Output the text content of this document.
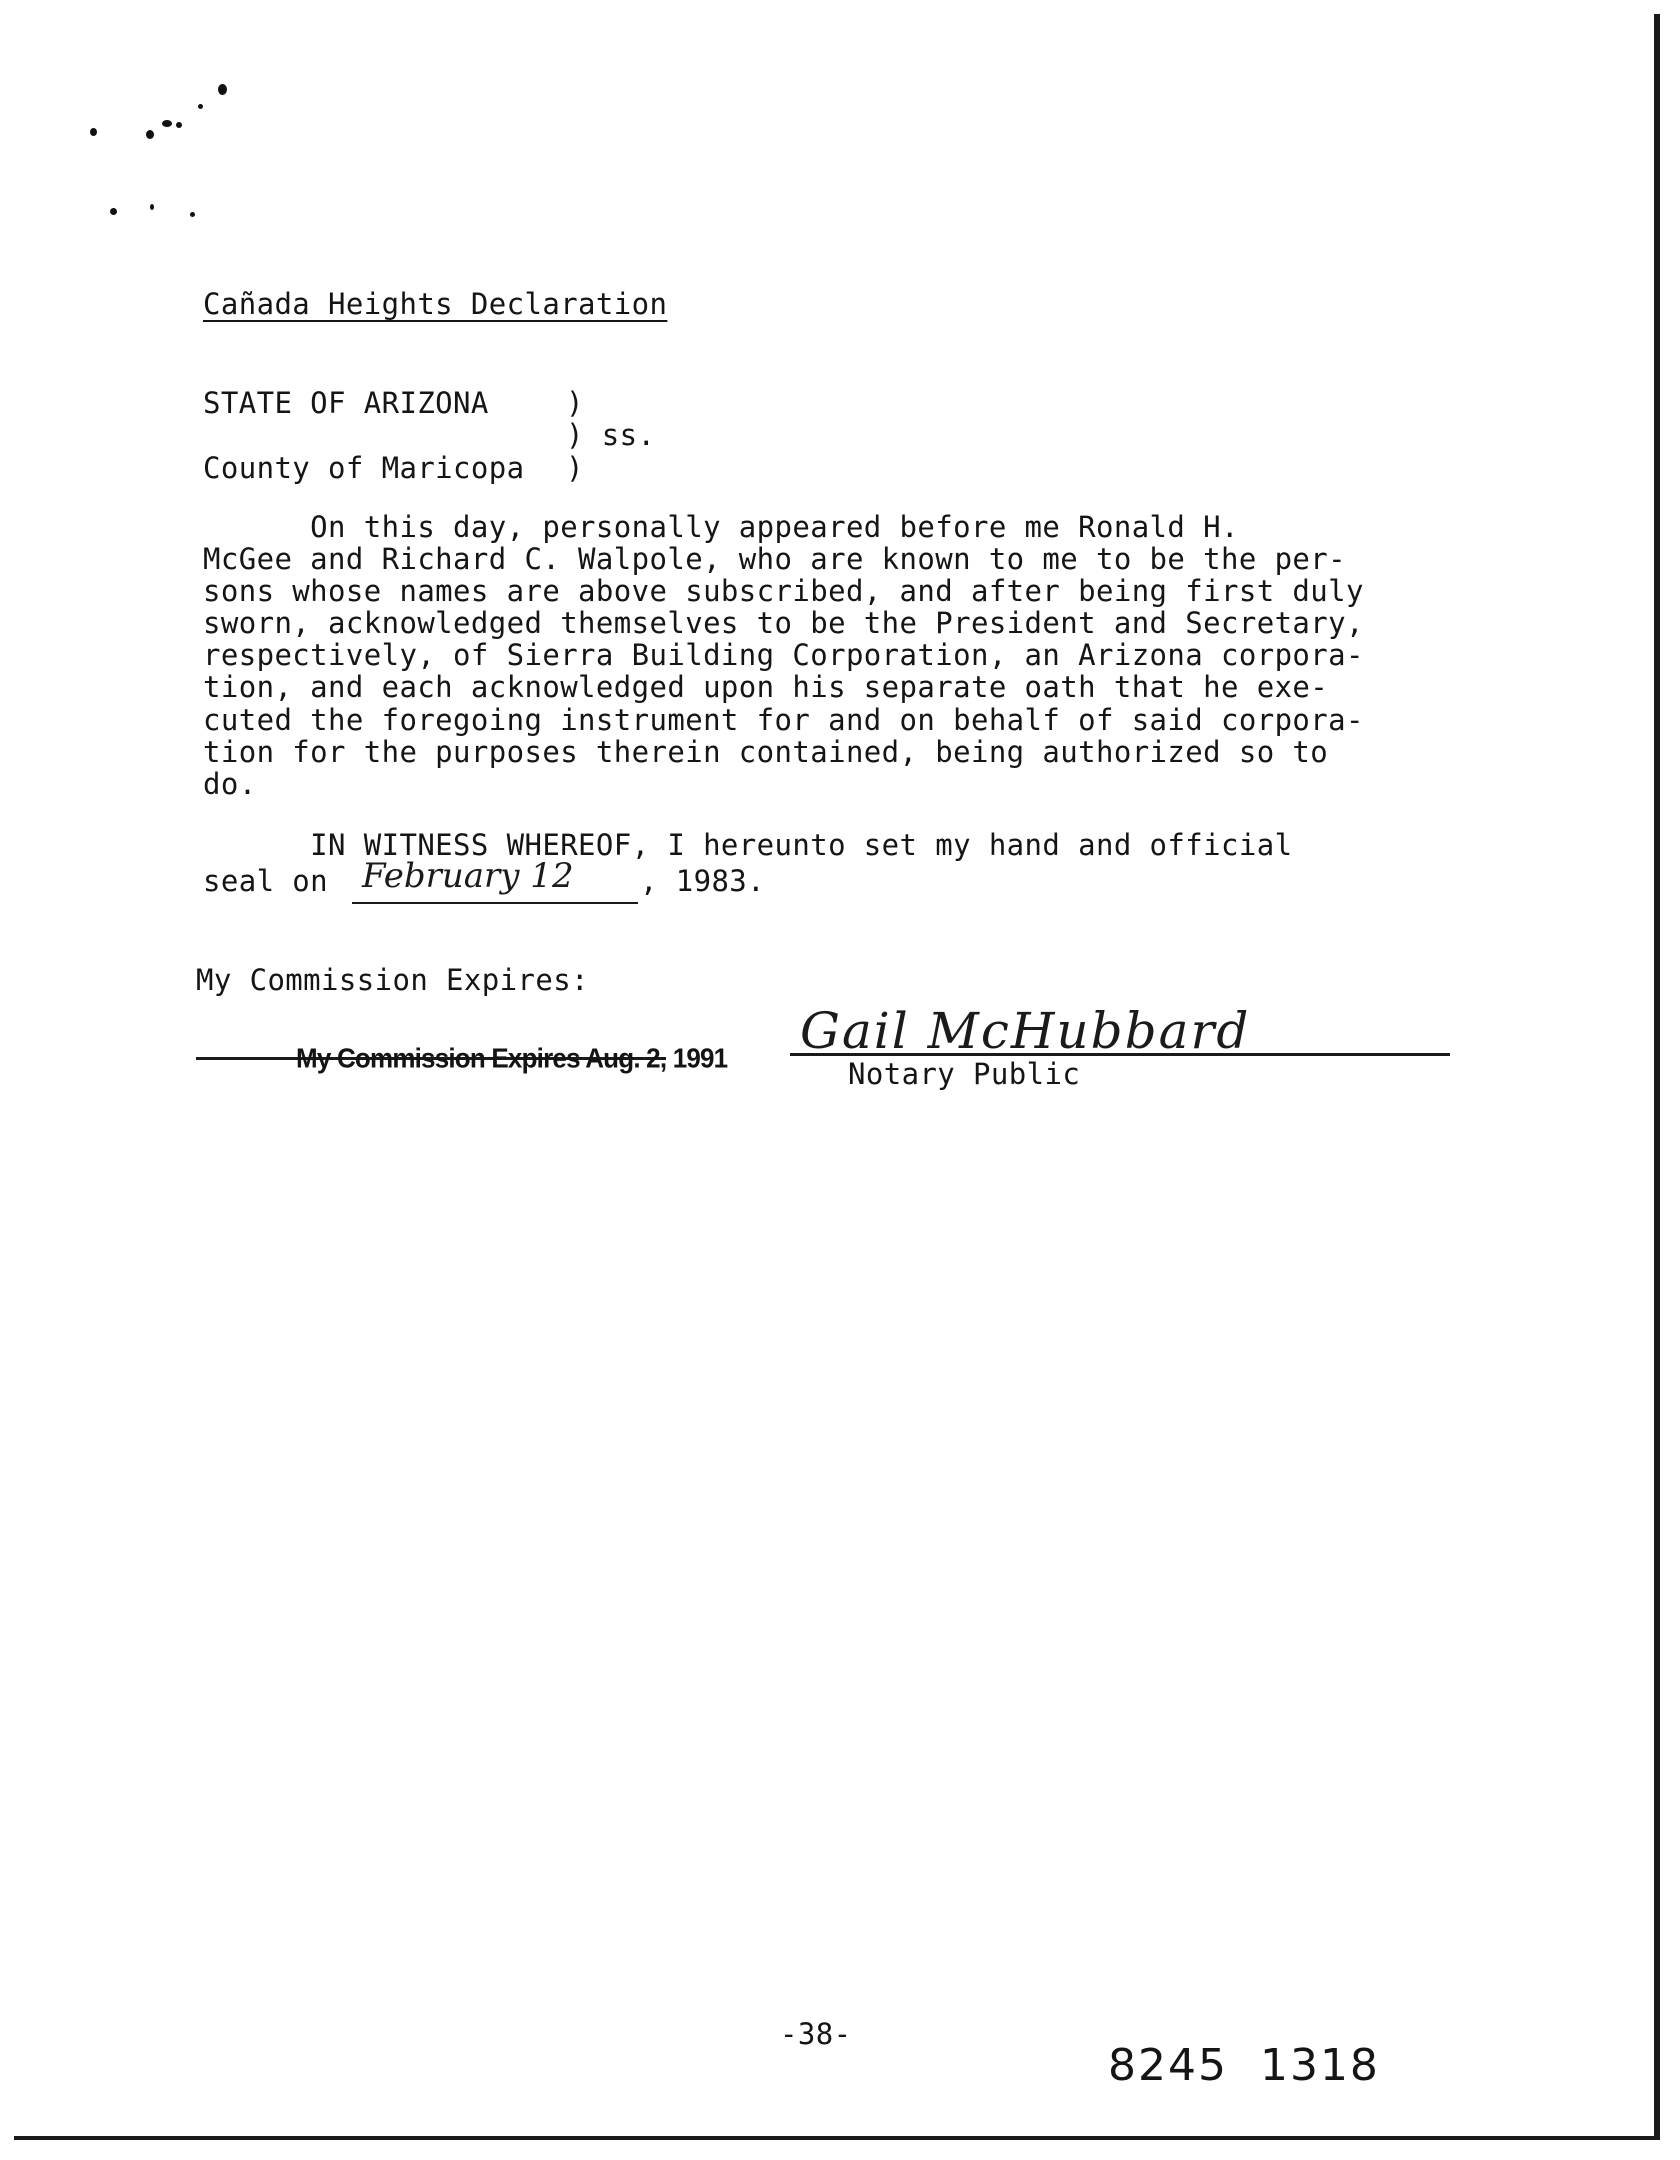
Cañada Heights Declaration
STATE OF ARIZONA	)
) ss.
County of Maricopa )
On this day, personally appeared before me Ronald H.
McGee and Richard C. Walpole, who are known to me to be the per-
sons whose names are above subscribed, and after being first duly
sworn, acknowledged themselves to be the President and Secretary,
respectively, of Sierra Building Corporation, an Arizona corpora-
tion, and each acknowledged upon his separate oath that he exe-
cuted the foregoing instrument for and on behalf of said corpora-
tion for the purposes therein contained, being authorized so to
do.
IN WITNESS WHEREOF, I hereunto set my hand and official
seal on February 12 , 1983.
My Commission Expires:
My Commission Expires Aug. 2, 1991 Gail McHubbard
Notary Public
-38-
8245  1318
